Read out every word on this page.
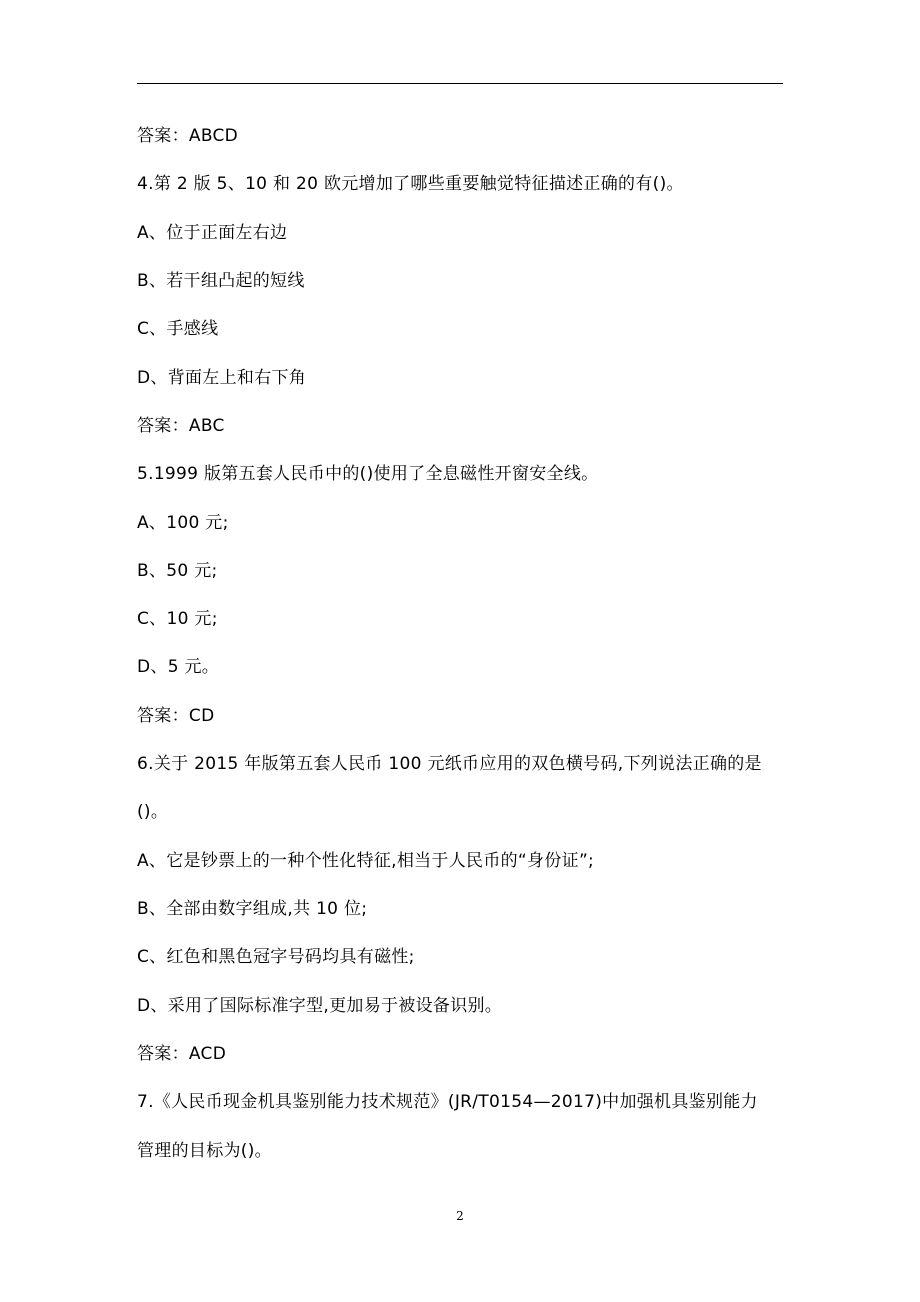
答案：ABCD

4.第 2 版 5、10 和 20 欧元增加了哪些重要触觉特征描述正确的有()。

A、位于正面左右边

B、若干组凸起的短线

C、手感线

D、背面左上和右下角

答案：ABC

5.1999 版第五套人民币中的()使用了全息磁性开窗安全线。

A、100 元;

B、50 元;

C、10 元;

D、5 元。

答案：CD

6.关于 2015 年版第五套人民币 100 元纸币应用的双色横号码,下列说法正确的是

()。

A、它是钞票上的一种个性化特征,相当于人民币的“身份证”;

B、全部由数字组成,共 10 位;

C、红色和黑色冠字号码均具有磁性;

D、采用了国际标准字型,更加易于被设备识别。

答案：ACD

7.《人民币现金机具鉴别能力技术规范》(JR/T0154—2017)中加强机具鉴别能力

管理的目标为()。

2
